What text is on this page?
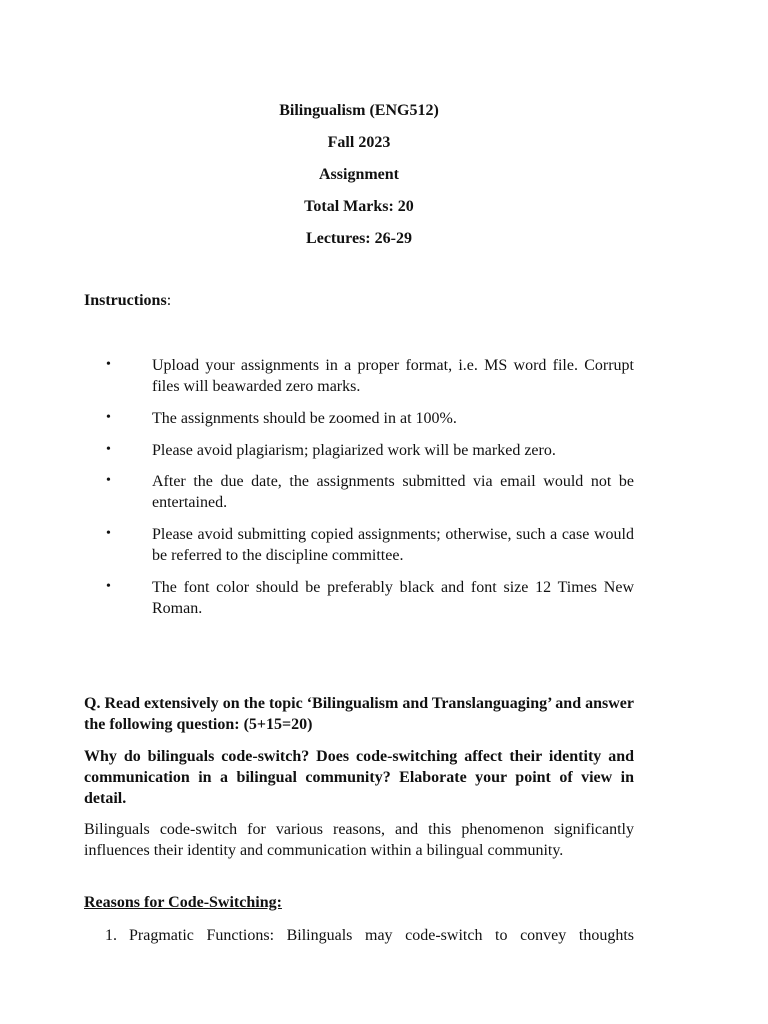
Bilingualism (ENG512)
Fall 2023
Assignment
Total Marks: 20
Lectures: 26-29
Instructions:
•	Upload your assignments in a proper format, i.e. MS word file. Corrupt files will beawarded zero marks.
•	The assignments should be zoomed in at 100%.
•	Please avoid plagiarism; plagiarized work will be marked zero.
•	After the due date, the assignments submitted via email would not be entertained.
•	Please avoid submitting copied assignments; otherwise, such a case would be referred to the discipline committee.
•	The font color should be preferably black and font size 12 Times New Roman.
Q. Read extensively on the topic ‘Bilingualism and Translanguaging’ and answer the following question: (5+15=20)
Why do bilinguals code-switch? Does code-switching affect their identity and communication in a bilingual community? Elaborate your point of view in detail.
Bilinguals code-switch for various reasons, and this phenomenon significantly influences their identity and communication within a bilingual community.
Reasons for Code-Switching:
1. Pragmatic Functions: Bilinguals may code-switch to convey thoughts
